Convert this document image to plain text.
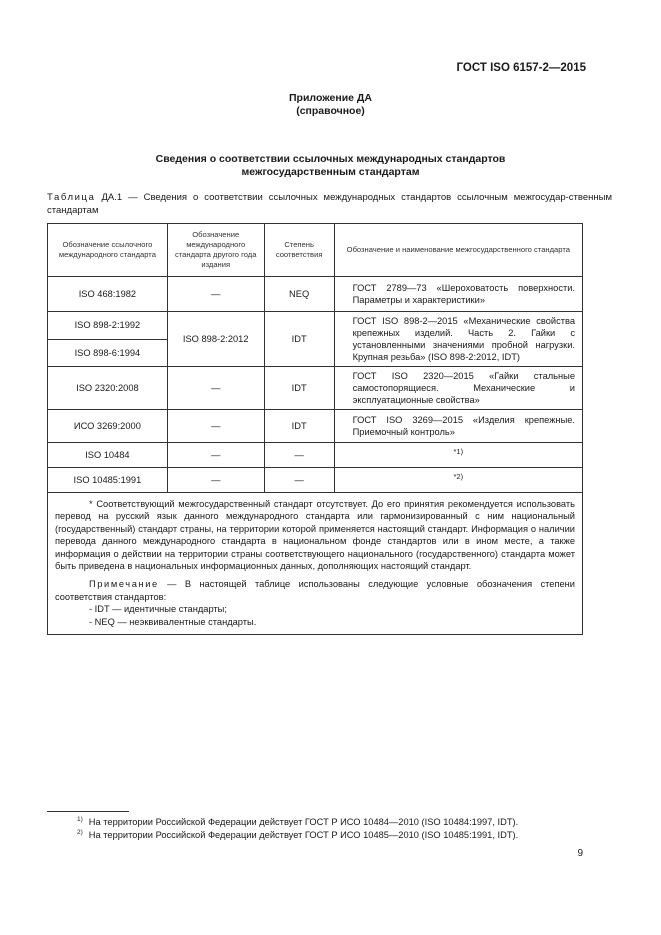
ГОСТ ISO 6157-2—2015
Приложение ДА
(справочное)
Сведения о соответствии ссылочных международных стандартов
межгосударственным стандартам
Таблица ДА.1 — Сведения о соответствии ссылочных международных стандартов ссылочным межгосудар-ственным стандартам
Обозначение ссылочного международного стандарта	Обозначение международного стандарта другого года издания	Степень соответствия	Обозначение и наименование межгосударственного стандарта
ISO 468:1982	—	NEQ	ГОСТ 2789—73 «Шероховатость поверхности. Параметры и характеристики»
ISO 898-2:1992	ISO 898-2:2012	IDT	ГОСТ ISO 898-2—2015 «Механические свойства крепежных изделий. Часть 2. Гайки с установленными значениями пробной нагрузки. Крупная резьба» (ISO 898-2:2012, IDT)
ISO 898-6:1994			
ISO 2320:2008	—	IDT	ГОСТ ISO 2320—2015 «Гайки стальные самостопорящиеся. Механические и эксплуатационные свойства»
ИСО 3269:2000	—	IDT	ГОСТ ISO 3269—2015 «Изделия крепежные. Приемочный контроль»
ISO 10484	—	—	*1)
ISO 10485:1991	—	—	*2)

* Соответствующий межгосударственный стандарт отсутствует. До его принятия рекомендуется использовать перевод на русский язык данного международного стандарта или гармонизированный с ним национальный (государственный) стандарт страны, на территории которой применяется настоящий стандарт. Информация о наличии перевода данного международного стандарта в национальном фонде стандартов или в ином месте, а также информация о действии на территории страны соответствующего национального (государственного) стандарта может быть приведена в национальных информационных данных, дополняющих настоящий стандарт.

Примечание — В настоящей таблице использованы следующие условные обозначения степени соответствия стандартов:

- IDT — идентичные стандарты;

- NEQ — неэквивалентные стандарты.			

$^{1)}$ На территории Российской Федерации действует ГОСТ Р ИСО 10484—2010 (ISO 10484:1997, IDT).
$^{2)}$ На территории Российской Федерации действует ГОСТ Р ИСО 10485—2010 (ISO 10485:1991, IDT).
9
